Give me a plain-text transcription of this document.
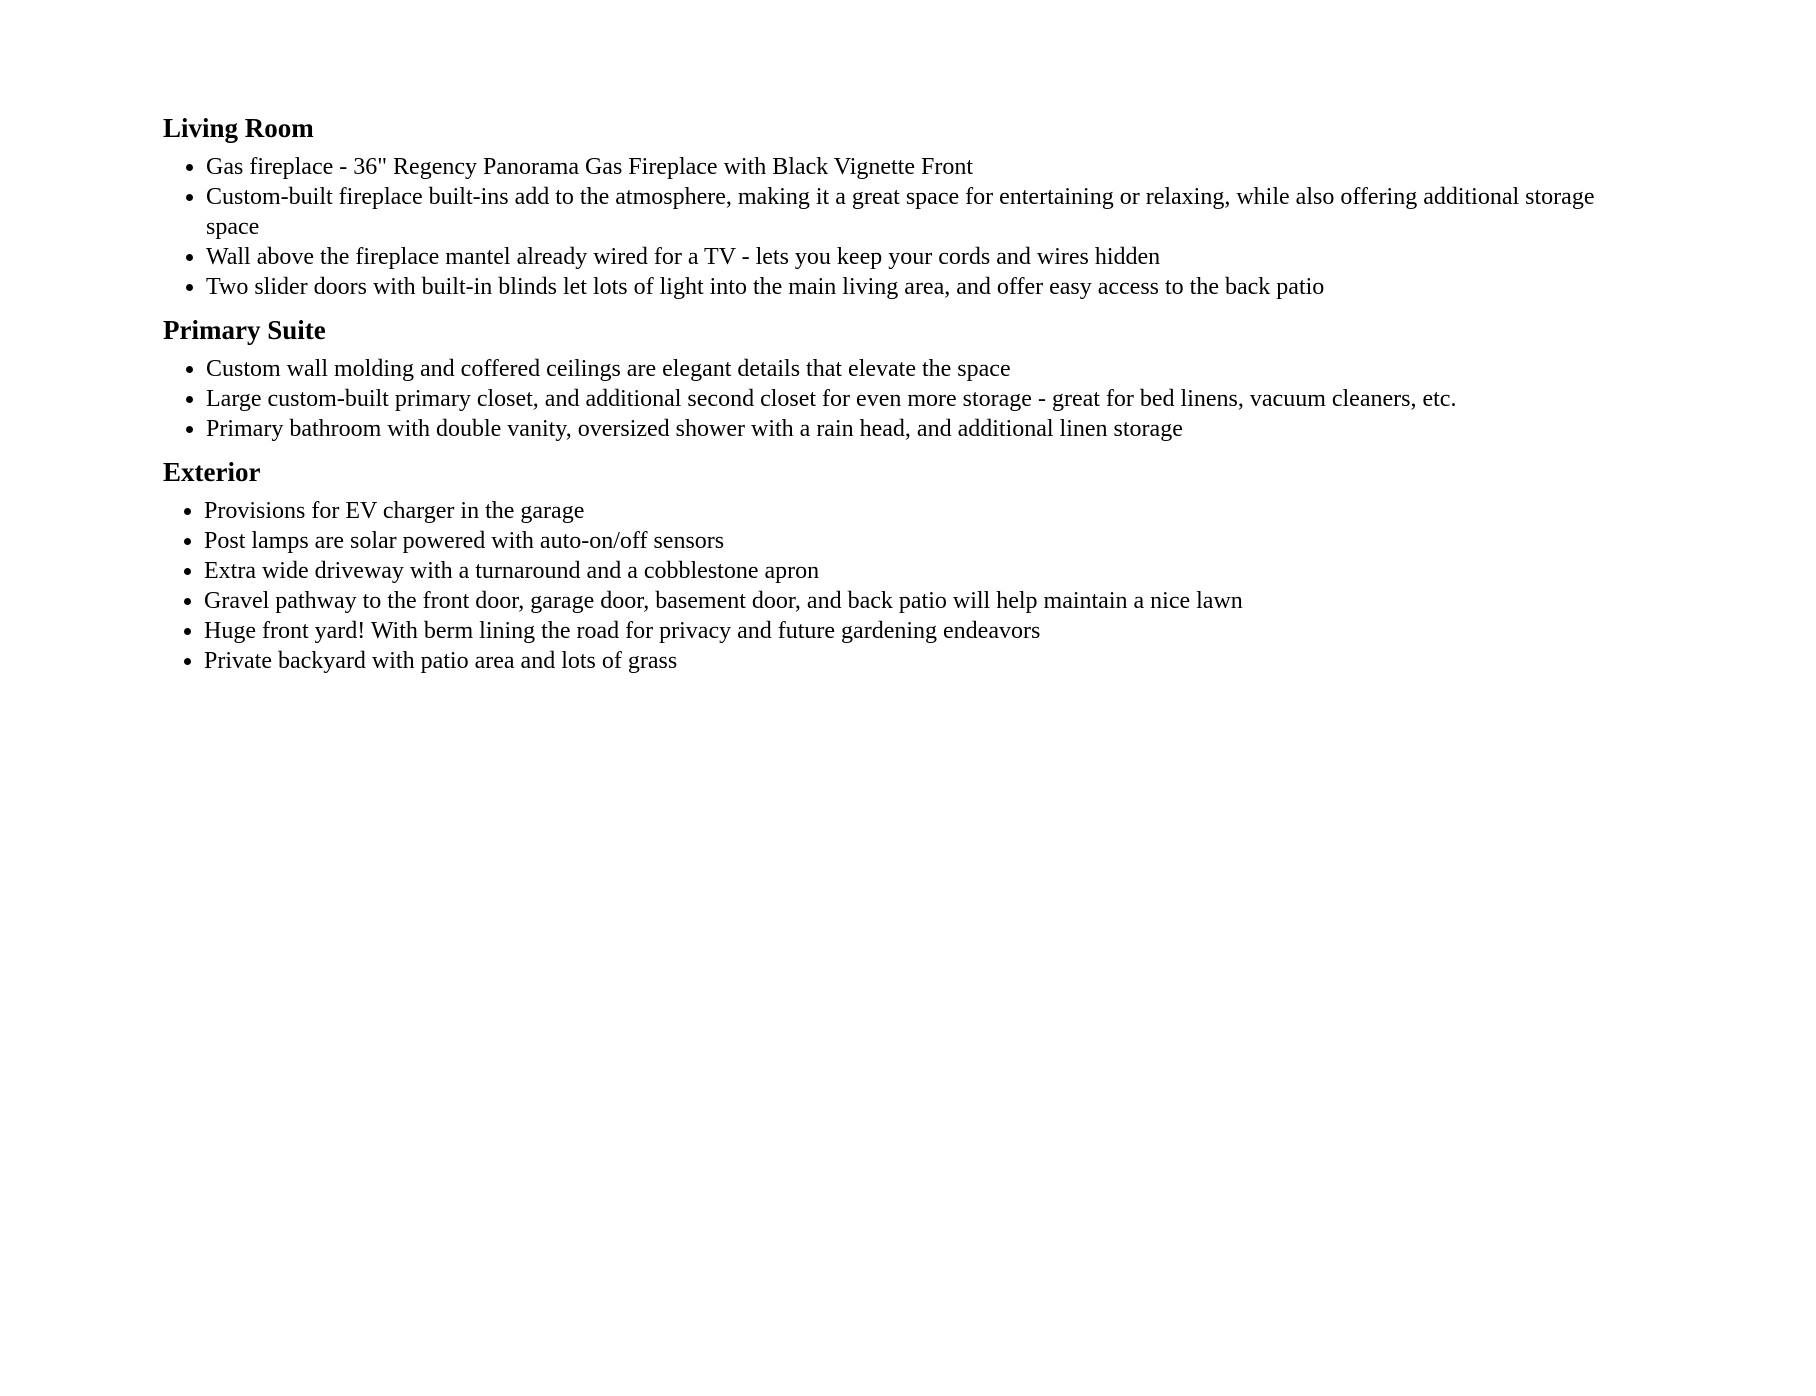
Living Room
• Gas fireplace - 36" Regency Panorama Gas Fireplace with Black Vignette Front
• Custom-built fireplace built-ins add to the atmosphere, making it a great space for entertaining or relaxing, while also offering additional storage space
• Wall above the fireplace mantel already wired for a TV - lets you keep your cords and wires hidden
• Two slider doors with built-in blinds let lots of light into the main living area, and offer easy access to the back patio
Primary Suite
• Custom wall molding and coffered ceilings are elegant details that elevate the space
• Large custom-built primary closet, and additional second closet for even more storage - great for bed linens, vacuum cleaners, etc.
• Primary bathroom with double vanity, oversized shower with a rain head, and additional linen storage
Exterior
• Provisions for EV charger in the garage
• Post lamps are solar powered with auto-on/off sensors
• Extra wide driveway with a turnaround and a cobblestone apron
• Gravel pathway to the front door, garage door, basement door, and back patio will help maintain a nice lawn
• Huge front yard! With berm lining the road for privacy and future gardening endeavors
• Private backyard with patio area and lots of grass
